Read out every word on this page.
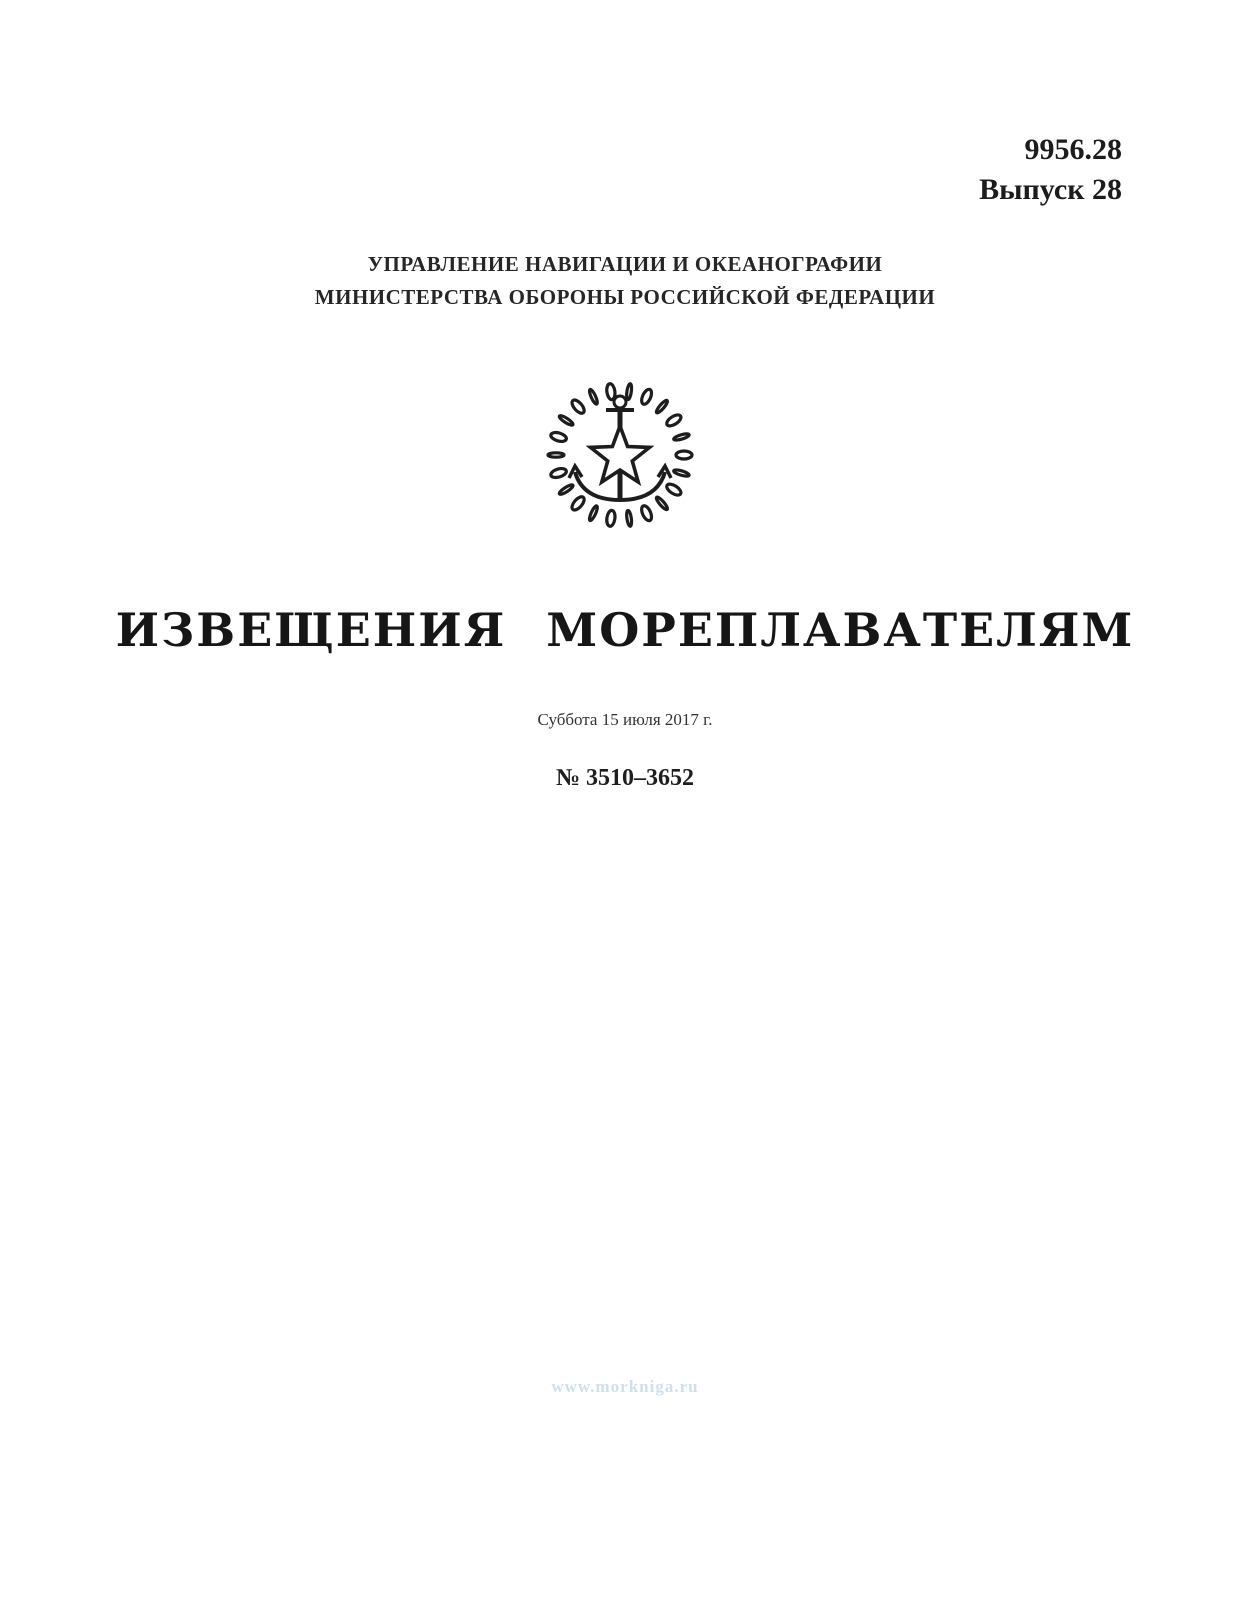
9956.28
Выпуск 28
УПРАВЛЕНИЕ НАВИГАЦИИ И ОКЕАНОГРАФИИ
МИНИСТЕРСТВА ОБОРОНЫ РОССИЙСКОЙ ФЕДЕРАЦИИ
ИЗВЕЩЕНИЯ МОРЕПЛАВАТЕЛЯМ
Суббота 15 июля 2017 г.
№ 3510–3652
www.morkniga.ru
